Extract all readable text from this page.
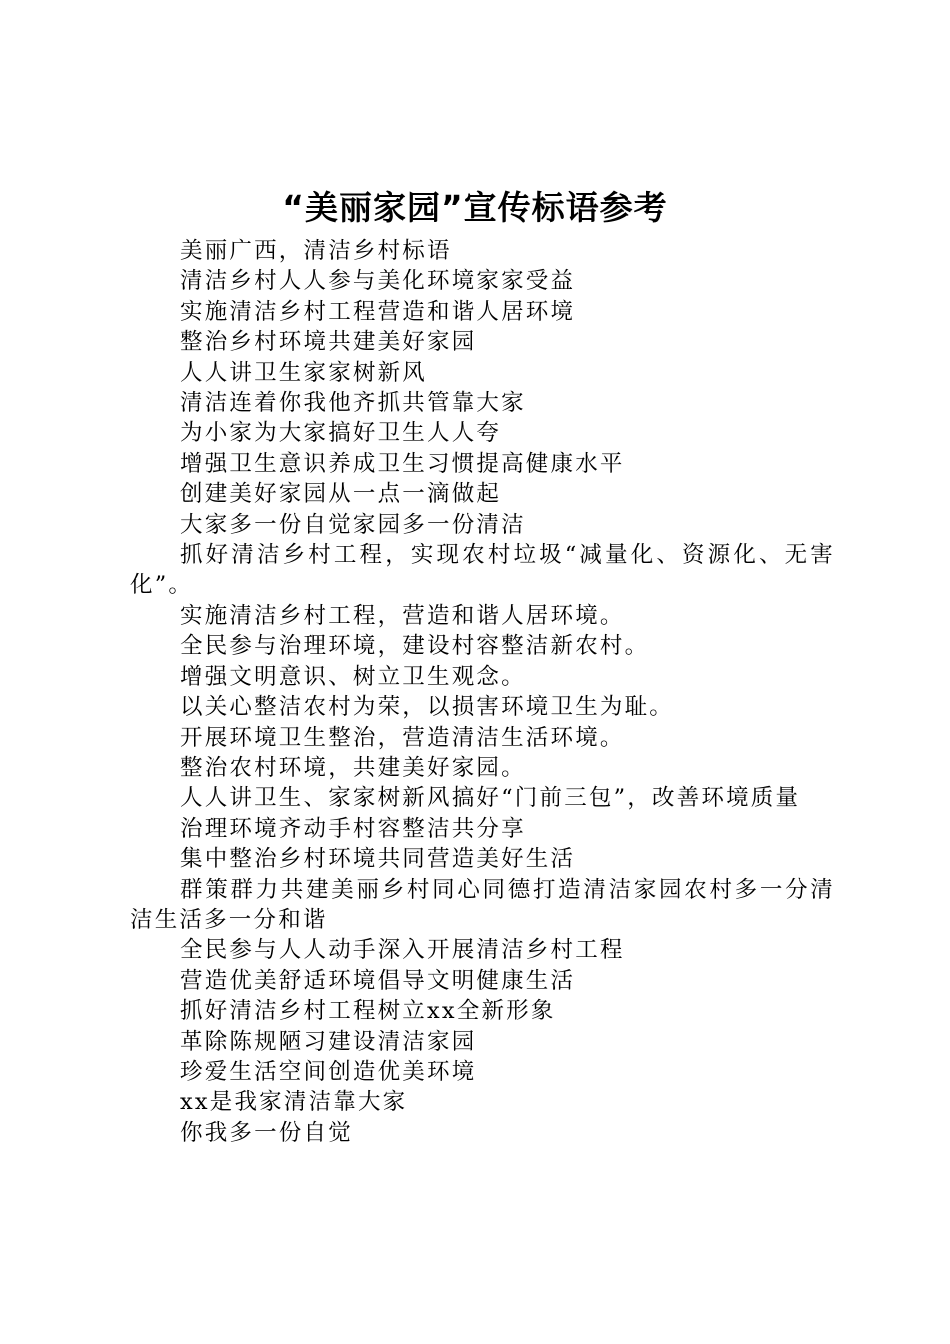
“美丽家园”宣传标语参考

美丽广西，清洁乡村标语

清洁乡村人人参与美化环境家家受益

实施清洁乡村工程营造和谐人居环境

整治乡村环境共建美好家园

人人讲卫生家家树新风

清洁连着你我他齐抓共管靠大家

为小家为大家搞好卫生人人夸

增强卫生意识养成卫生习惯提高健康水平

创建美好家园从一点一滴做起

大家多一份自觉家园多一份清洁

抓好清洁乡村工程，实现农村垃圾“减量化、资源化、无害化”。

实施清洁乡村工程，营造和谐人居环境。

全民参与治理环境，建设村容整洁新农村。

增强文明意识、树立卫生观念。

以关心整洁农村为荣，以损害环境卫生为耻。

开展环境卫生整治，营造清洁生活环境。

整治农村环境，共建美好家园。

人人讲卫生、家家树新风搞好“门前三包”，改善环境质量

治理环境齐动手村容整洁共分享

集中整治乡村环境共同营造美好生活

群策群力共建美丽乡村同心同德打造清洁家园农村多一分清洁生活多一分和谐

全民参与人人动手深入开展清洁乡村工程

营造优美舒适环境倡导文明健康生活

抓好清洁乡村工程树立xx全新形象

革除陈规陋习建设清洁家园

珍爱生活空间创造优美环境

xx是我家清洁靠大家

你我多一份自觉
